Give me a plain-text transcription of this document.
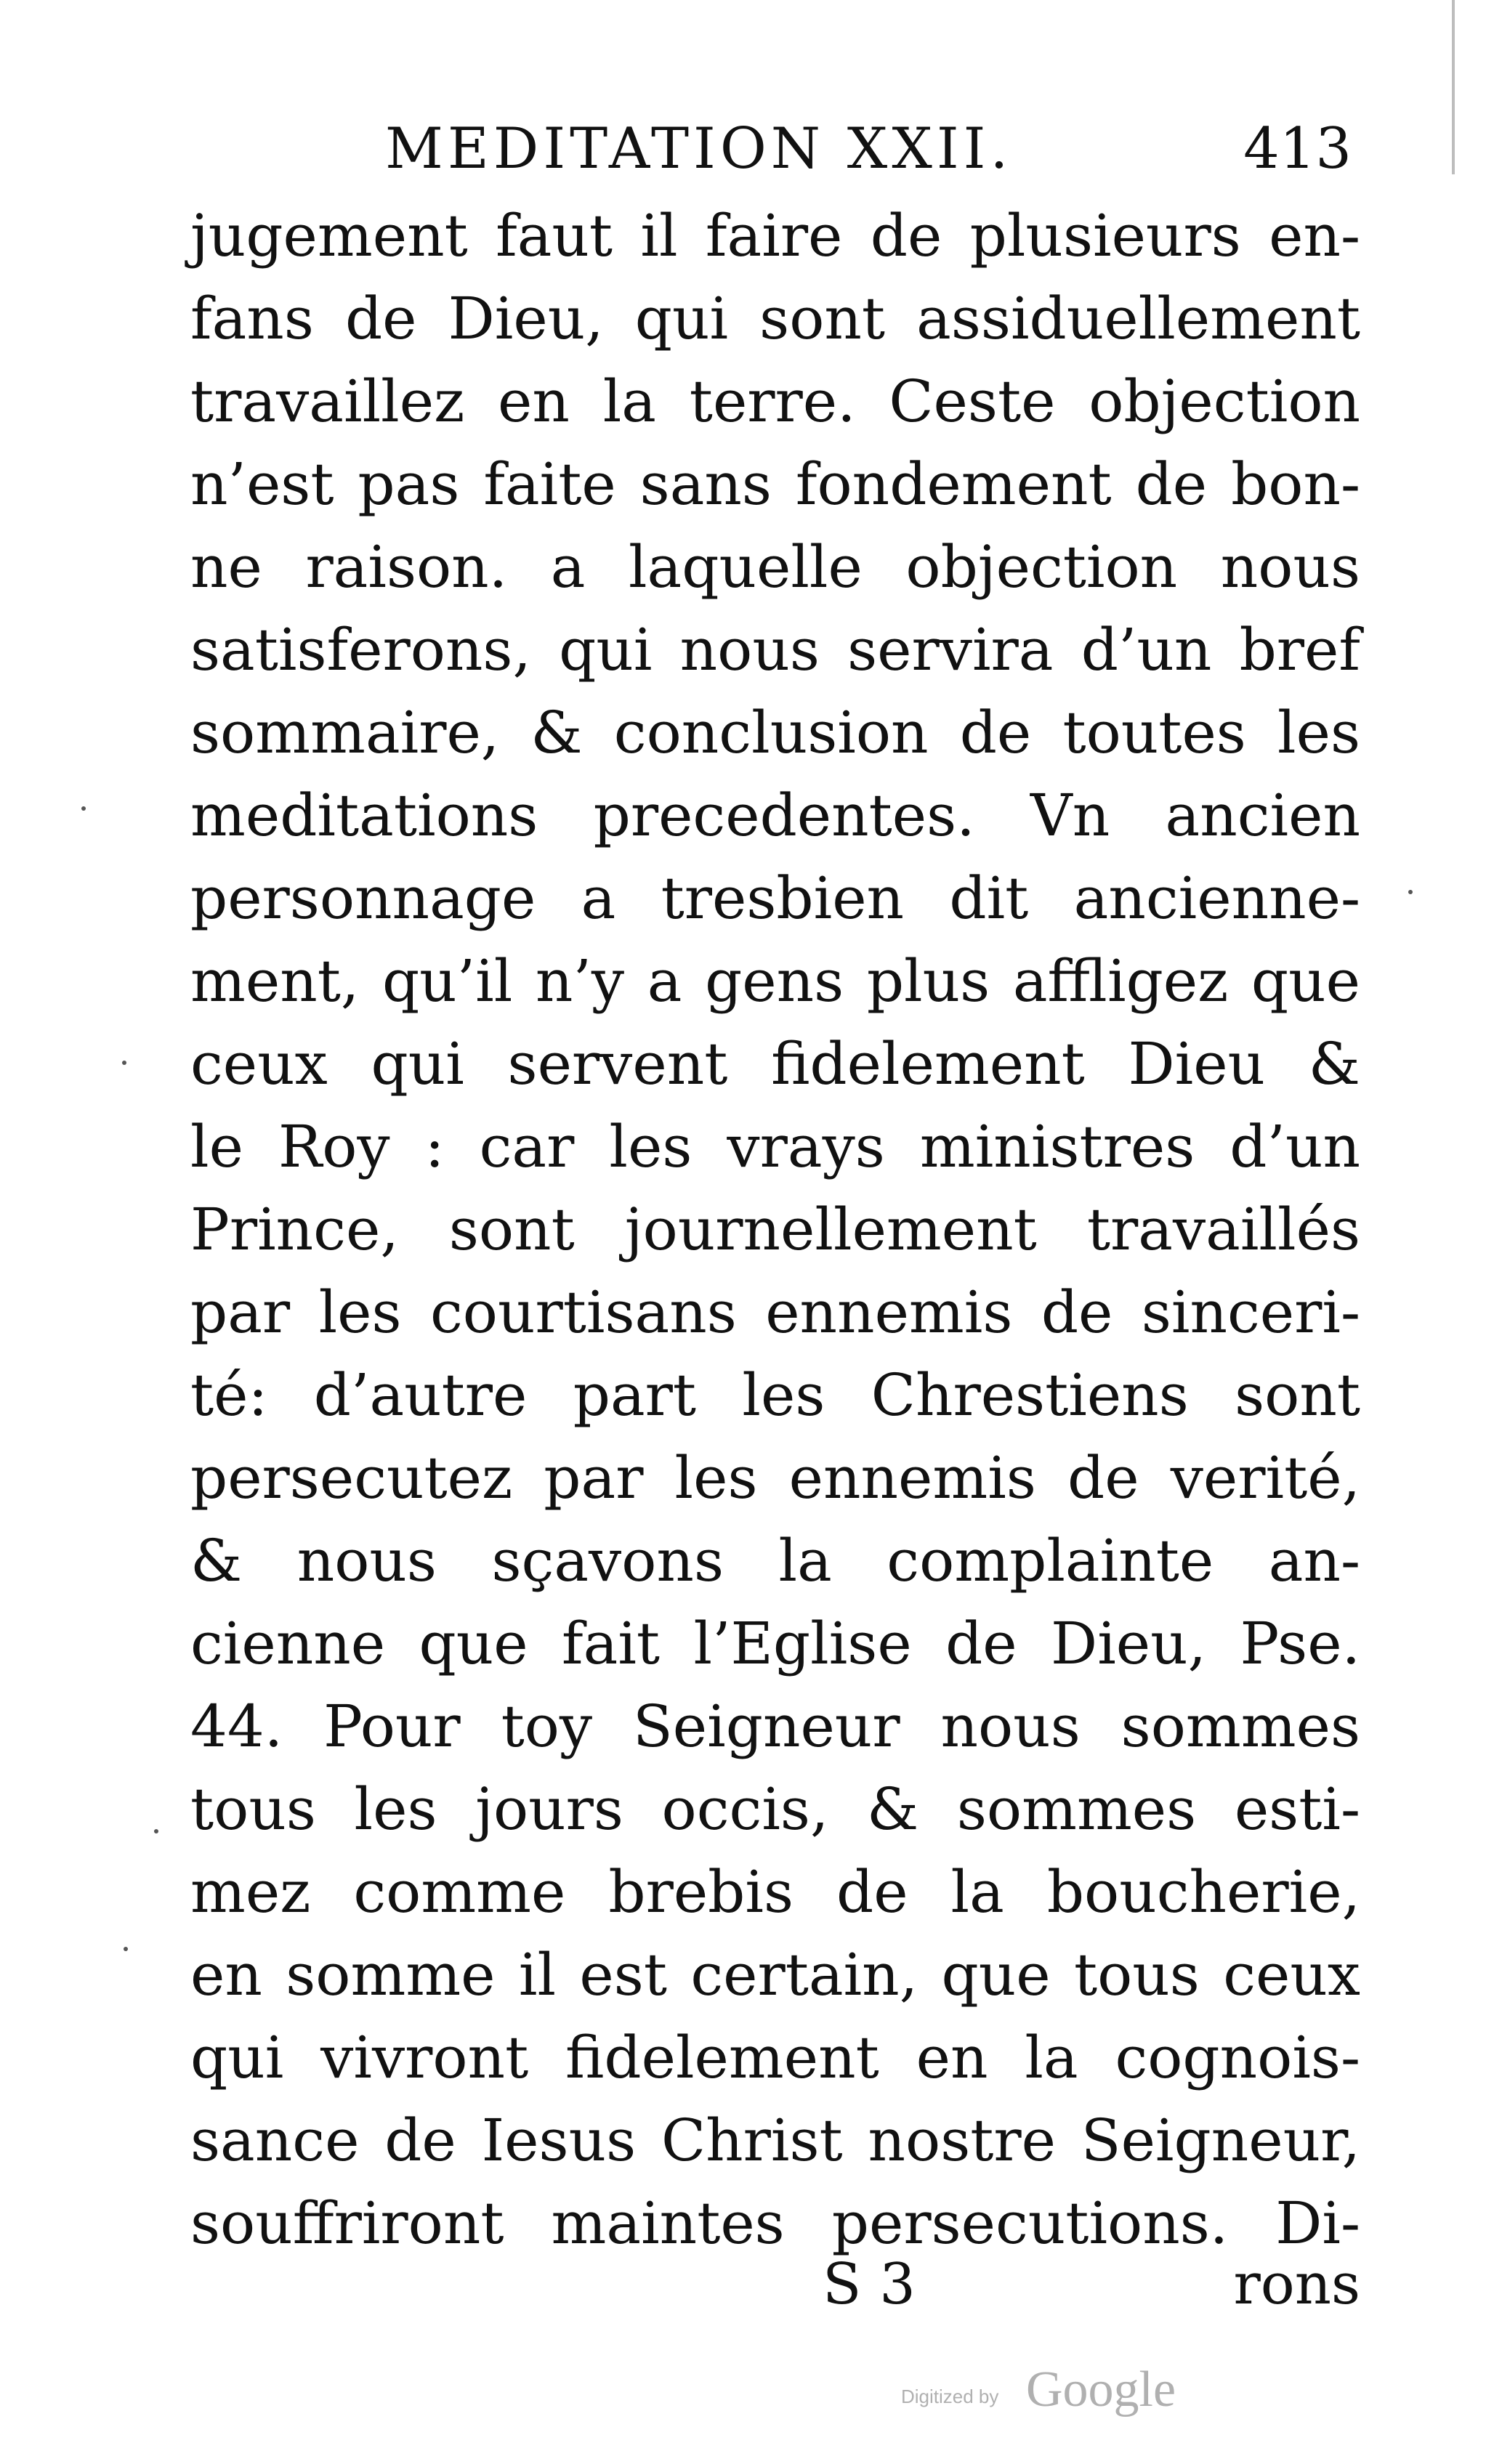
MEDITATION XXII.	413
jugement faut il faire de plusieurs en-
fans de Dieu, qui sont assiduellement
travaillez en la terre. Ceste objection
n’est pas faite sans fondement de bon-
ne raison. a laquelle objection nous
satisferons, qui nous servira d’un bref
sommaire, & conclusion de toutes les
meditations precedentes. Vn ancien
personnage a tresbien dit ancienne-
ment, qu’il n’y a gens plus affligez que
ceux qui servent fidelement Dieu &
le Roy : car les vrays ministres d’un
Prince, sont journellement travaillés
par les courtisans ennemis de sinceri-
té: d’autre part les Chrestiens sont
persecutez par les ennemis de verité,
& nous sçavons la complainte an-
cienne que fait l’Eglise de Dieu, Pse.
44. Pour toy Seigneur nous sommes
tous les jours occis, & sommes esti-
mez comme brebis de la boucherie,
en somme il est certain, que tous ceux
qui vivront fidelement en la cognois-
sance de Iesus Christ nostre Seigneur,
souffriront maintes persecutions. Di-
S 3	rons
Digitized by Google
